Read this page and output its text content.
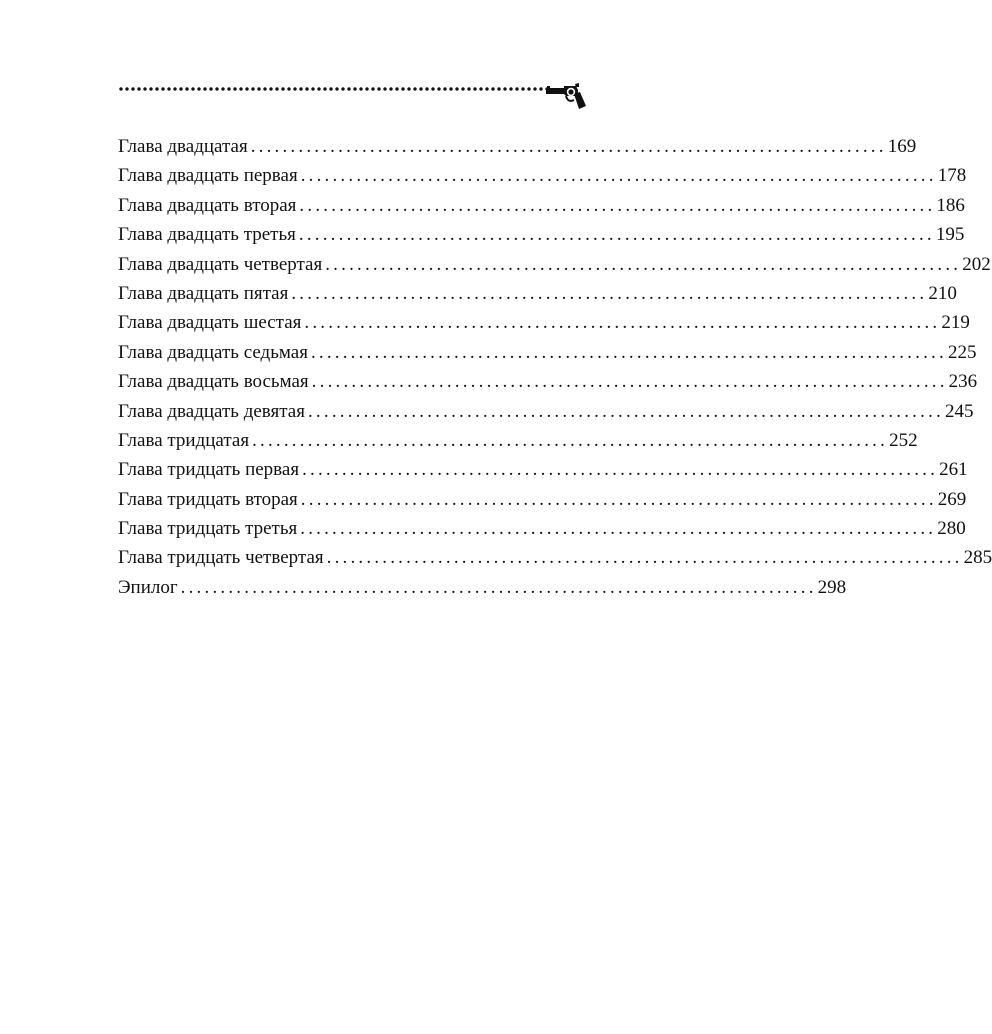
Глава двадцатая ................................................................................ 169
Глава двадцать первая ................................................................................ 178
Глава двадцать вторая ................................................................................ 186
Глава двадцать третья ................................................................................ 195
Глава двадцать четвертая ................................................................................ 202
Глава двадцать пятая ................................................................................ 210
Глава двадцать шестая ................................................................................ 219
Глава двадцать седьмая ................................................................................ 225
Глава двадцать восьмая ................................................................................ 236
Глава двадцать девятая ................................................................................ 245
Глава тридцатая ................................................................................ 252
Глава тридцать первая ................................................................................ 261
Глава тридцать вторая ................................................................................ 269
Глава тридцать третья ................................................................................ 280
Глава тридцать четвертая ................................................................................ 285
Эпилог ................................................................................ 298
